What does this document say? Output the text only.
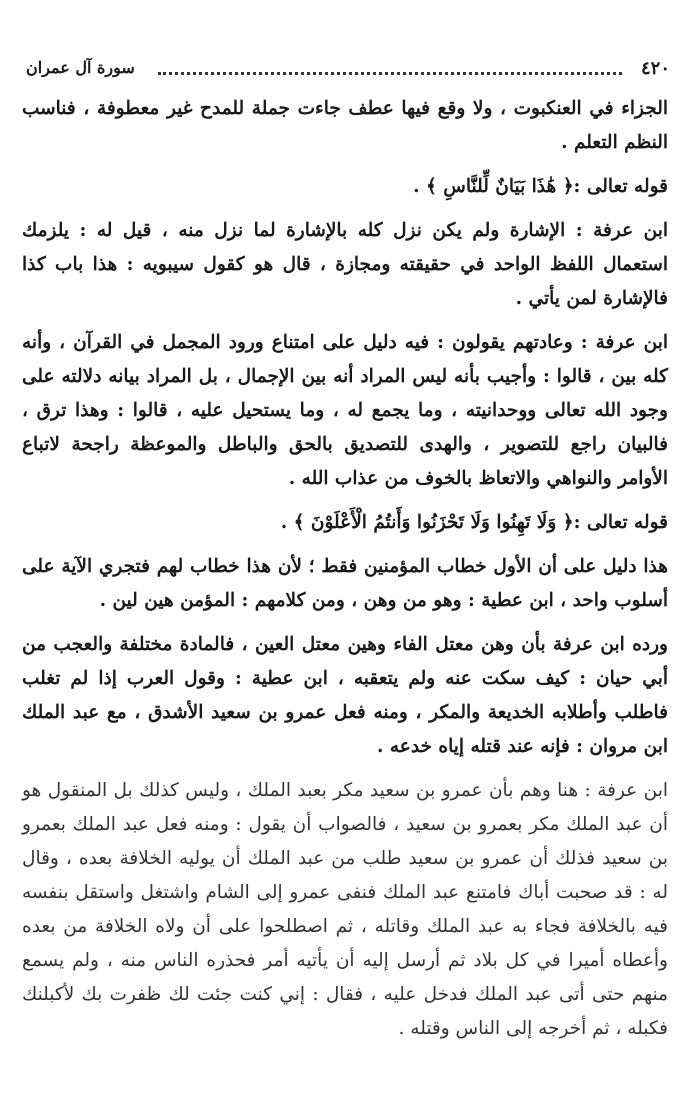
٤٢٠
سورة آل عمران

الجزاء في العنكبوت ، ولا وقع فيها عطف جاءت جملة للمدح غير معطوفة ، فناسب النظم التعلم .

قوله تعالى :﴿ هَٰذَا بَيَانٌ لِّلنَّاسِ ﴾ .

ابن عرفة : الإشارة ولم يكن نزل كله بالإشارة لما نزل منه ، قيل له : يلزمك استعمال اللفظ الواحد في حقيقته ومجازة ، قال هو كقول سيبويه : هذا باب كذا فالإشارة لمن يأتي .

ابن عرفة : وعادتهم يقولون : فيه دليل على امتناع ورود المجمل في القرآن ، وأنه كله بين ، قالوا : وأجيب بأنه ليس المراد أنه بين الإجمال ، بل المراد بيانه دلالته على وجود الله تعالى ووحدانيته ، وما يجمع له ، وما يستحيل عليه ، قالوا : وهذا ترق ، فالبيان راجع للتصوير ، والهدى للتصديق بالحق والباطل والموعظة راجحة لاتباع الأوامر والنواهي والاتعاظ بالخوف من عذاب الله .

قوله تعالى :﴿ وَلَا تَهِنُوا وَلَا تَحْزَنُوا وَأَنتُمُ الْأَعْلَوْنَ ﴾ .

هذا دليل على أن الأول خطاب المؤمنين فقط ؛ لأن هذا خطاب لهم فتجري الآية على أسلوب واحد ، ابن عطية : وهو من وهن ، ومن كلامهم : المؤمن هين لين .

ورده ابن عرفة بأن وهن معتل الفاء وهين معتل العين ، فالمادة مختلفة والعجب من أبي حيان : كيف سكت عنه ولم يتعقبه ، ابن عطية : وقول العرب إذا لم تغلب فاطلب وأطلابه الخديعة والمكر ، ومنه فعل عمرو بن سعيد الأشدق ، مع عبد الملك ابن مروان : فإنه عند قتله إياه خدعه .

ابن عرفة : هنا وهم بأن عمرو بن سعيد مكر بعبد الملك ، وليس كذلك بل المنقول هو أن عبد الملك مكر بعمرو بن سعيد ، فالصواب أن يقول : ومنه فعل عبد الملك بعمرو بن سعيد فذلك أن عمرو بن سعيد طلب من عبد الملك أن يوليه الخلافة بعده ، وقال له : قد صحبت أباك فامتنع عبد الملك فنفى عمرو إلى الشام واشتغل واستقل بنفسه فيه بالخلافة فجاء به عبد الملك وقاتله ، ثم اصطلحوا على أن ولاه الخلافة من بعده وأعطاه أميرا في كل بلاد ثم أرسل إليه أن يأتيه أمر فحذره الناس منه ، ولم يسمع منهم حتى أتى عبد الملك فدخل عليه ، فقال : إني كنت جئت لك ظفرت بك لأكبلنك فكبله ، ثم أخرجه إلى الناس وقتله .
